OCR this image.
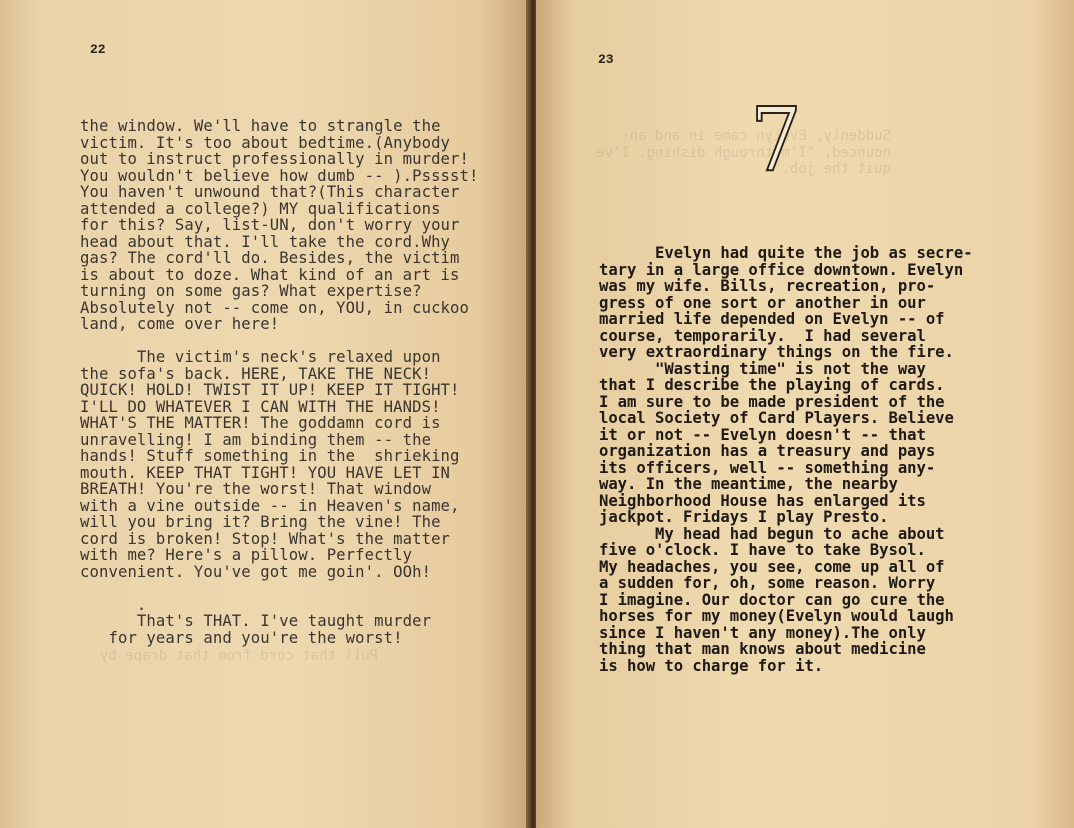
22
Pull that cord from that drape by
the window. We'll have to strangle the
victim. It's too about bedtime.(Anybody
out to instruct professionally in murder!
You wouldn't believe how dumb -- ).Psssst!
You haven't unwound that?(This character
attended a college?) MY qualifications
for this? Say, list-UN, don't worry your
head about that. I'll take the cord.Why
gas? The cord'll do. Besides, the victim
is about to doze. What kind of an art is
turning on some gas? What expertise?
Absolutely not -- come on, YOU, in cuckoo
land, come over here!

The victim's neck's relaxed upon
the sofa's back. HERE, TAKE THE NECK!
QUICK! HOLD! TWIST IT UP! KEEP IT TIGHT!
I'LL DO WHATEVER I CAN WITH THE HANDS!
WHAT'S THE MATTER! The goddamn cord is
unravelling! I am binding them -- the
hands! Stuff something in the  shrieking
mouth. KEEP THAT TIGHT! YOU HAVE LET IN
BREATH! You're the worst! That window
with a vine outside -- in Heaven's name,
will you bring it? Bring the vine! The
cord is broken! Stop! What's the matter
with me? Here's a pillow. Perfectly
convenient. You've got me goin'. OOh!

.
That's THAT. I've taught murder
for years and you're the worst!
23
Suddenly, Evelyn came in and an-
nounced, "I'm through dishing. I've
quit the job."
7
Evelyn had quite the job as secre-
tary in a large office downtown. Evelyn
was my wife. Bills, recreation, pro-
gress of one sort or another in our
married life depended on Evelyn -- of
course, temporarily.  I had several
very extraordinary things on the fire.
"Wasting time" is not the way
that I describe the playing of cards.
I am sure to be made president of the
local Society of Card Players. Believe
it or not -- Evelyn doesn't -- that
organization has a treasury and pays
its officers, well -- something any-
way. In the meantime, the nearby
Neighborhood House has enlarged its
jackpot. Fridays I play Presto.
My head had begun to ache about
five o'clock. I have to take Bysol.
My headaches, you see, come up all of
a sudden for, oh, some reason. Worry
I imagine. Our doctor can go cure the
horses for my money(Evelyn would laugh
since I haven't any money).The only
thing that man knows about medicine
is how to charge for it.
